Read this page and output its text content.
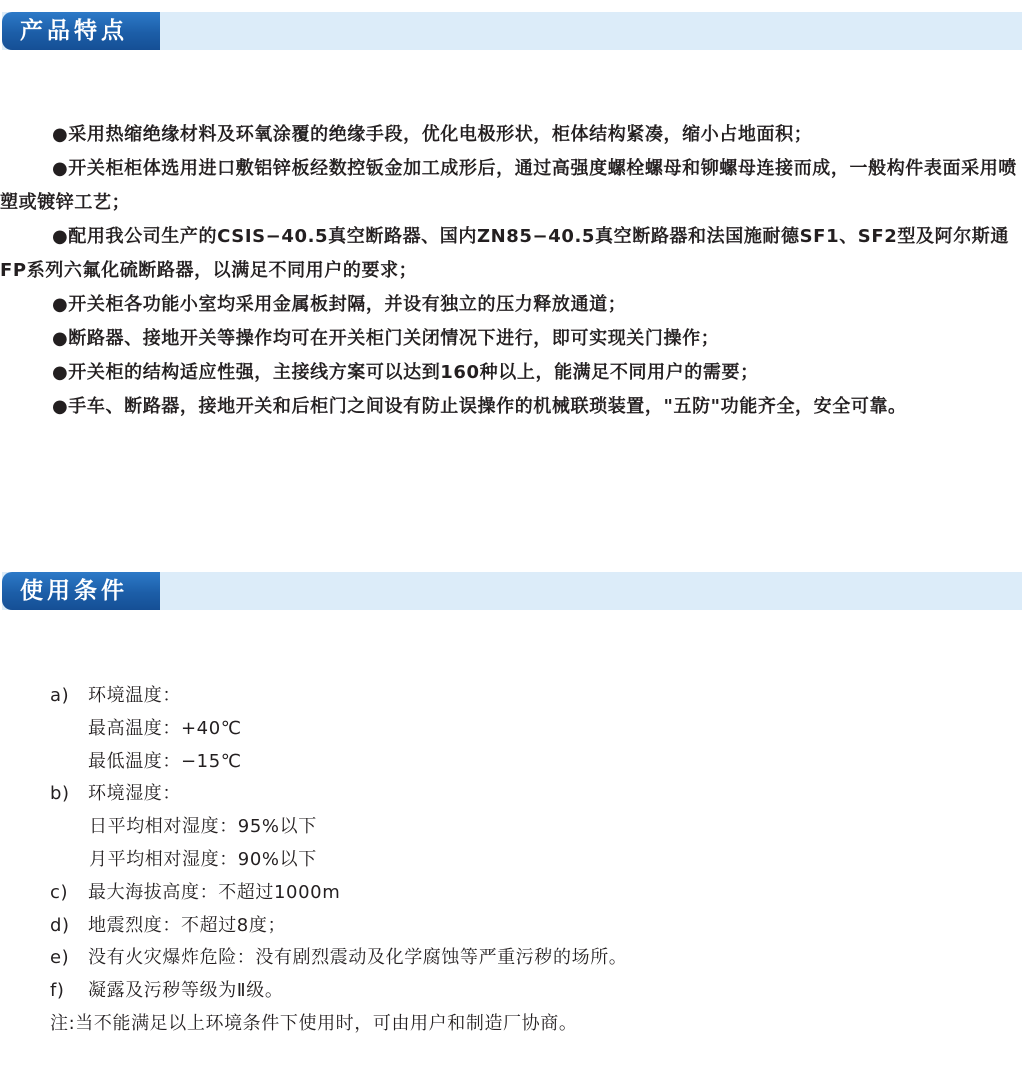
产品特点

●采用热缩绝缘材料及环氧涂覆的绝缘手段，优化电极形状，柜体结构紧凑，缩小占地面积；

●开关柜柜体选用进口敷铝锌板经数控钣金加工成形后，通过高强度螺栓螺母和铆螺母连接而成，一般构件表面采用喷塑或镀锌工艺；

●配用我公司生产的CSIS−40.5真空断路器、国内ZN85−40.5真空断路器和法国施耐德SF1、SF2型及阿尔斯通FP系列六氟化硫断路器，以满足不同用户的要求；

●开关柜各功能小室均采用金属板封隔，并设有独立的压力释放通道；

●断路器、接地开关等操作均可在开关柜门关闭情况下进行，即可实现关门操作；

●开关柜的结构适应性强，主接线方案可以达到160种以上，能满足不同用户的需要；

●手车、断路器，接地开关和后柜门之间设有防止误操作的机械联琐装置，"五防"功能齐全，安全可靠。

使用条件
a)	环境温度：
最高温度：+40℃
最低温度：−15℃
b)	环境湿度：
日平均相对湿度：95%以下
月平均相对湿度：90%以下
c)	最大海拔高度：不超过1000m
d)	地震烈度：不超过8度；
e)	没有火灾爆炸危险：没有剧烈震动及化学腐蚀等严重污秽的场所。
f)	凝露及污秽等级为Ⅱ级。
注:当不能满足以上环境条件下使用时，可由用户和制造厂协商。
